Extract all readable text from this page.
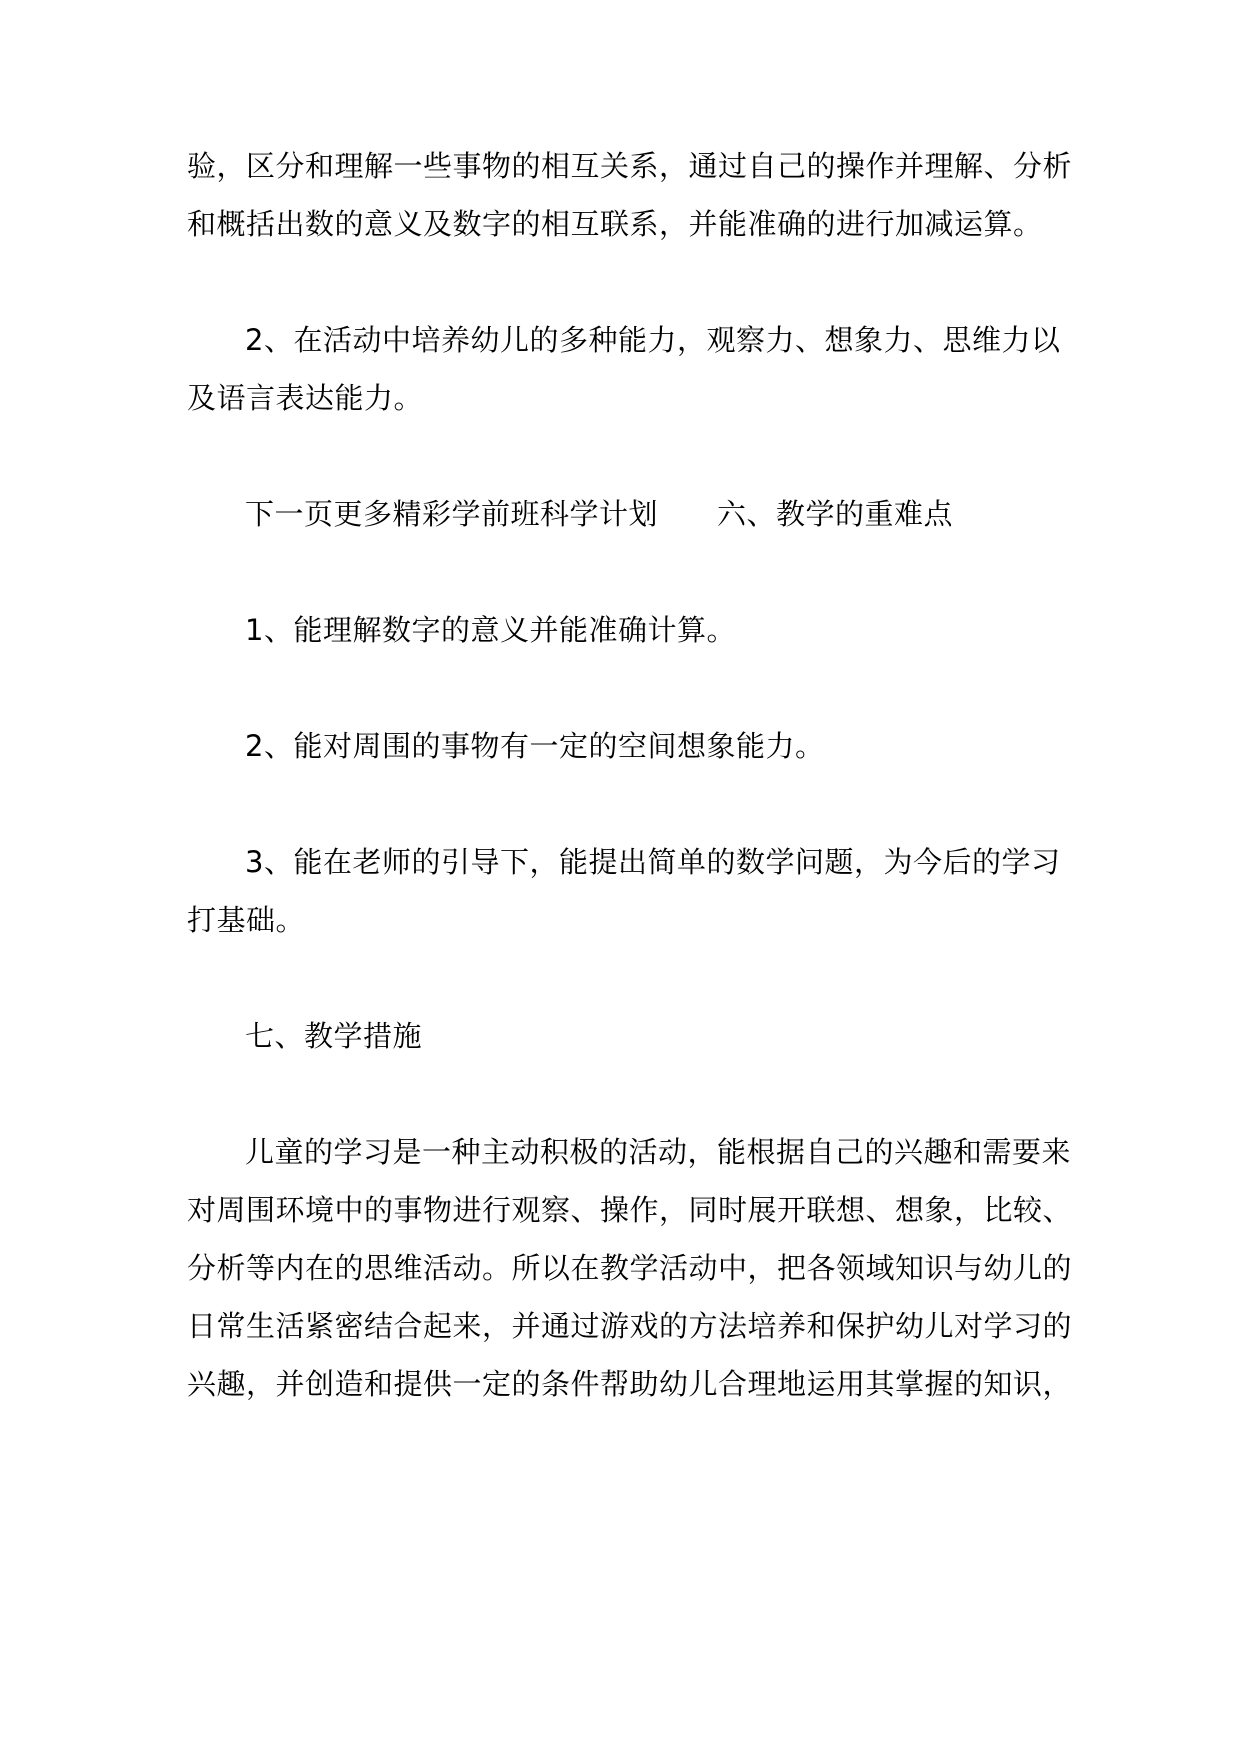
验，区分和理解一些事物的相互关系，通过自己的操作并理解、分析
和概括出数的意义及数字的相互联系，并能准确的进行加减运算。
2、在活动中培养幼儿的多种能力，观察力、想象力、思维力以
及语言表达能力。
下一页更多精彩学前班科学计划　　六、教学的重难点
1、能理解数字的意义并能准确计算。
2、能对周围的事物有一定的空间想象能力。
3、能在老师的引导下，能提出简单的数学问题，为今后的学习
打基础。
七、教学措施
儿童的学习是一种主动积极的活动，能根据自己的兴趣和需要来
对周围环境中的事物进行观察、操作，同时展开联想、想象，比较、
分析等内在的思维活动。所以在教学活动中，把各领域知识与幼儿的
日常生活紧密结合起来，并通过游戏的方法培养和保护幼儿对学习的
兴趣，并创造和提供一定的条件帮助幼儿合理地运用其掌握的知识，
